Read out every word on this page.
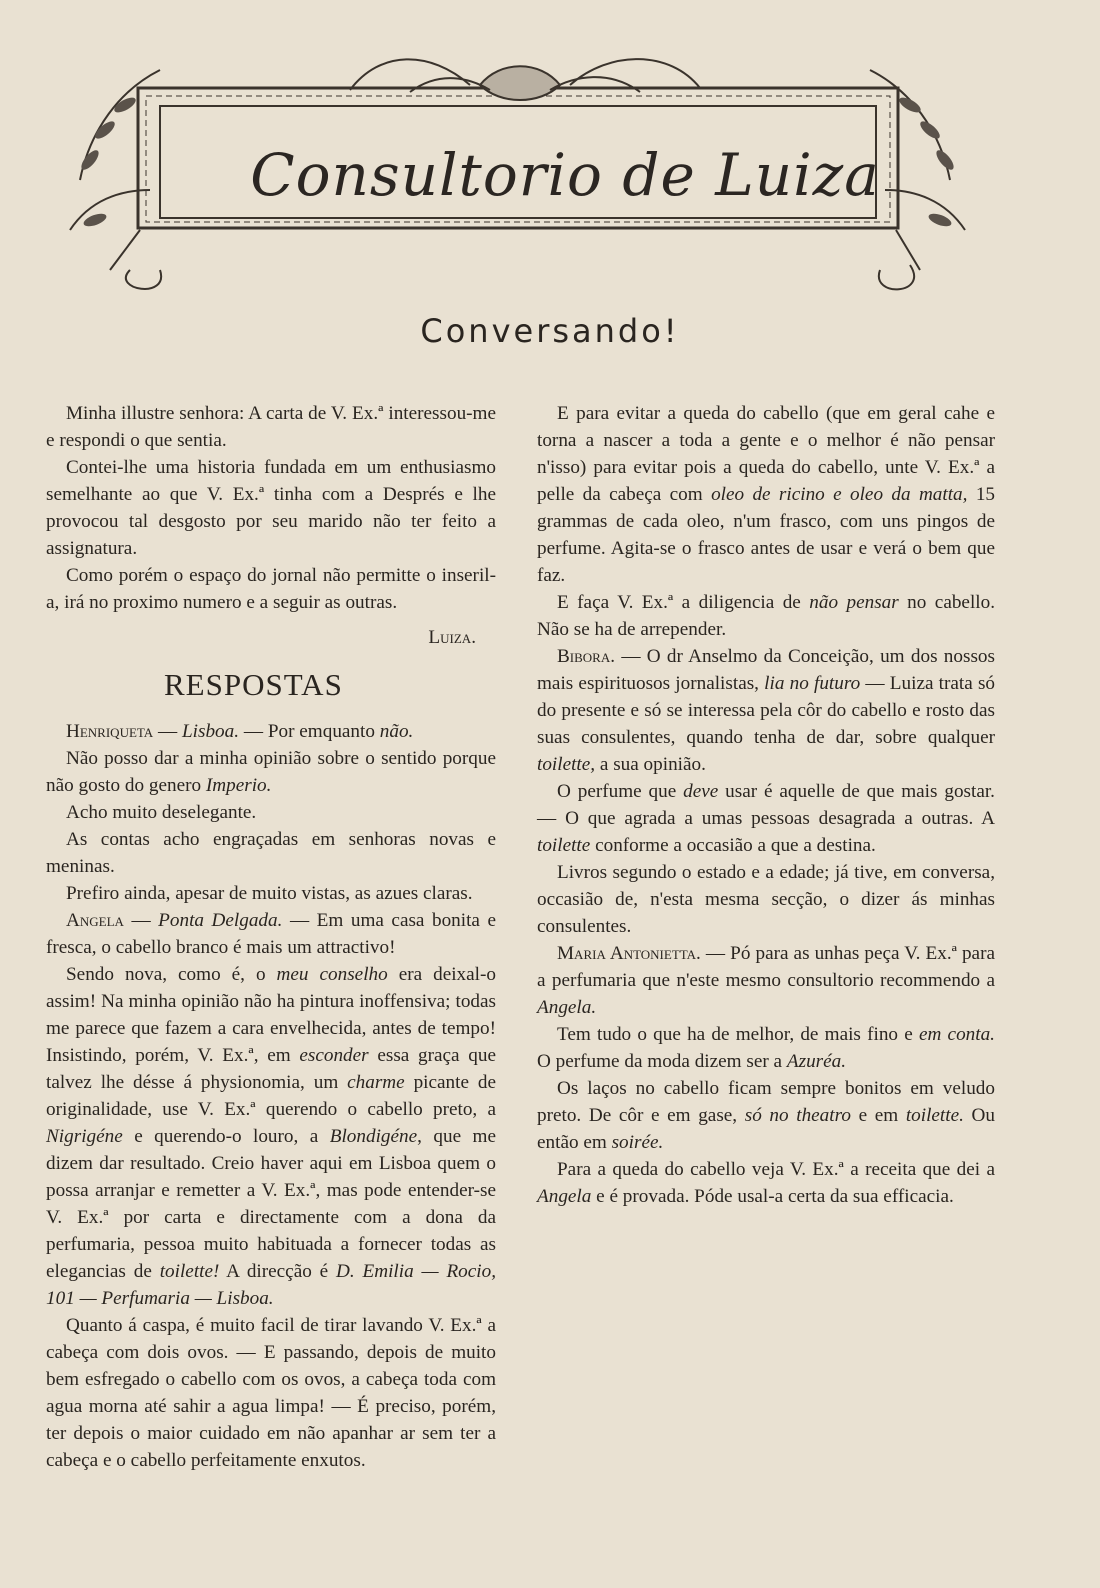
Consultorio de Luiza
Conversando!

Minha illustre senhora: A carta de V. Ex.ª interessou-me e respondi o que sentia.

Contei-lhe uma historia fundada em um enthusiasmo semelhante ao que V. Ex.ª tinha com a Després e lhe provocou tal desgosto por seu marido não ter feito a assignatura.

Como porém o espaço do jornal não permitte o inseril-a, irá no proximo numero e a seguir as outras.

Luiza.
RESPOSTAS

Henriqueta — Lisboa. — Por emquanto não.

Não posso dar a minha opinião sobre o sentido porque não gosto do genero Imperio.

Acho muito deselegante.

As contas acho engraçadas em senhoras novas e meninas.

Prefiro ainda, apesar de muito vistas, as azues claras.

Angela — Ponta Delgada. — Em uma casa bonita e fresca, o cabello branco é mais um attractivo!

Sendo nova, como é, o meu conselho era deixal-o assim! Na minha opinião não ha pintura inoffensiva; todas me parece que fazem a cara envelhecida, antes de tempo! Insistindo, porém, V. Ex.ª, em esconder essa graça que talvez lhe désse á physionomia, um charme picante de originalidade, use V. Ex.ª querendo o cabello preto, a Nigrigéne e querendo-o louro, a Blondigéne, que me dizem dar resultado. Creio haver aqui em Lisboa quem o possa arranjar e remetter a V. Ex.ª, mas pode entender-se V. Ex.ª por carta e directamente com a dona da perfumaria, pessoa muito habituada a fornecer todas as elegancias de toilette! A direcção é D. Emilia — Rocio, 101 — Perfumaria — Lisboa.

Quanto á caspa, é muito facil de tirar lavando V. Ex.ª a cabeça com dois ovos. — E passando, depois de muito bem esfregado o cabello com os ovos, a cabeça toda com agua morna até sahir a agua limpa! — É preciso, porém, ter depois o maior cuidado em não apanhar ar sem ter a cabeça e o cabello perfeitamente enxutos.

E para evitar a queda do cabello (que em geral cahe e torna a nascer a toda a gente e o melhor é não pensar n'isso) para evitar pois a queda do cabello, unte V. Ex.ª a pelle da cabeça com oleo de ricino e oleo da matta, 15 grammas de cada oleo, n'um frasco, com uns pingos de perfume. Agita-se o frasco antes de usar e verá o bem que faz.

E faça V. Ex.ª a diligencia de não pensar no cabello. Não se ha de arrepender.

Bibora. — O dr Anselmo da Conceição, um dos nossos mais espirituosos jornalistas, lia no futuro — Luiza trata só do presente e só se interessa pela côr do cabello e rosto das suas consulentes, quando tenha de dar, sobre qualquer toilette, a sua opinião.

O perfume que deve usar é aquelle de que mais gostar. — O que agrada a umas pessoas desagrada a outras. A toilette conforme a occasião a que a destina.

Livros segundo o estado e a edade; já tive, em conversa, occasião de, n'esta mesma secção, o dizer ás minhas consulentes.

Maria Antonietta. — Pó para as unhas peça V. Ex.ª para a perfumaria que n'este mesmo consultorio recommendo a Angela.

Tem tudo o que ha de melhor, de mais fino e em conta. O perfume da moda dizem ser a Azuréa.

Os laços no cabello ficam sempre bonitos em veludo preto. De côr e em gase, só no theatro e em toilette. Ou então em soirée.

Para a queda do cabello veja V. Ex.ª a receita que dei a Angela e é provada. Póde usal-a certa da sua efficacia.
